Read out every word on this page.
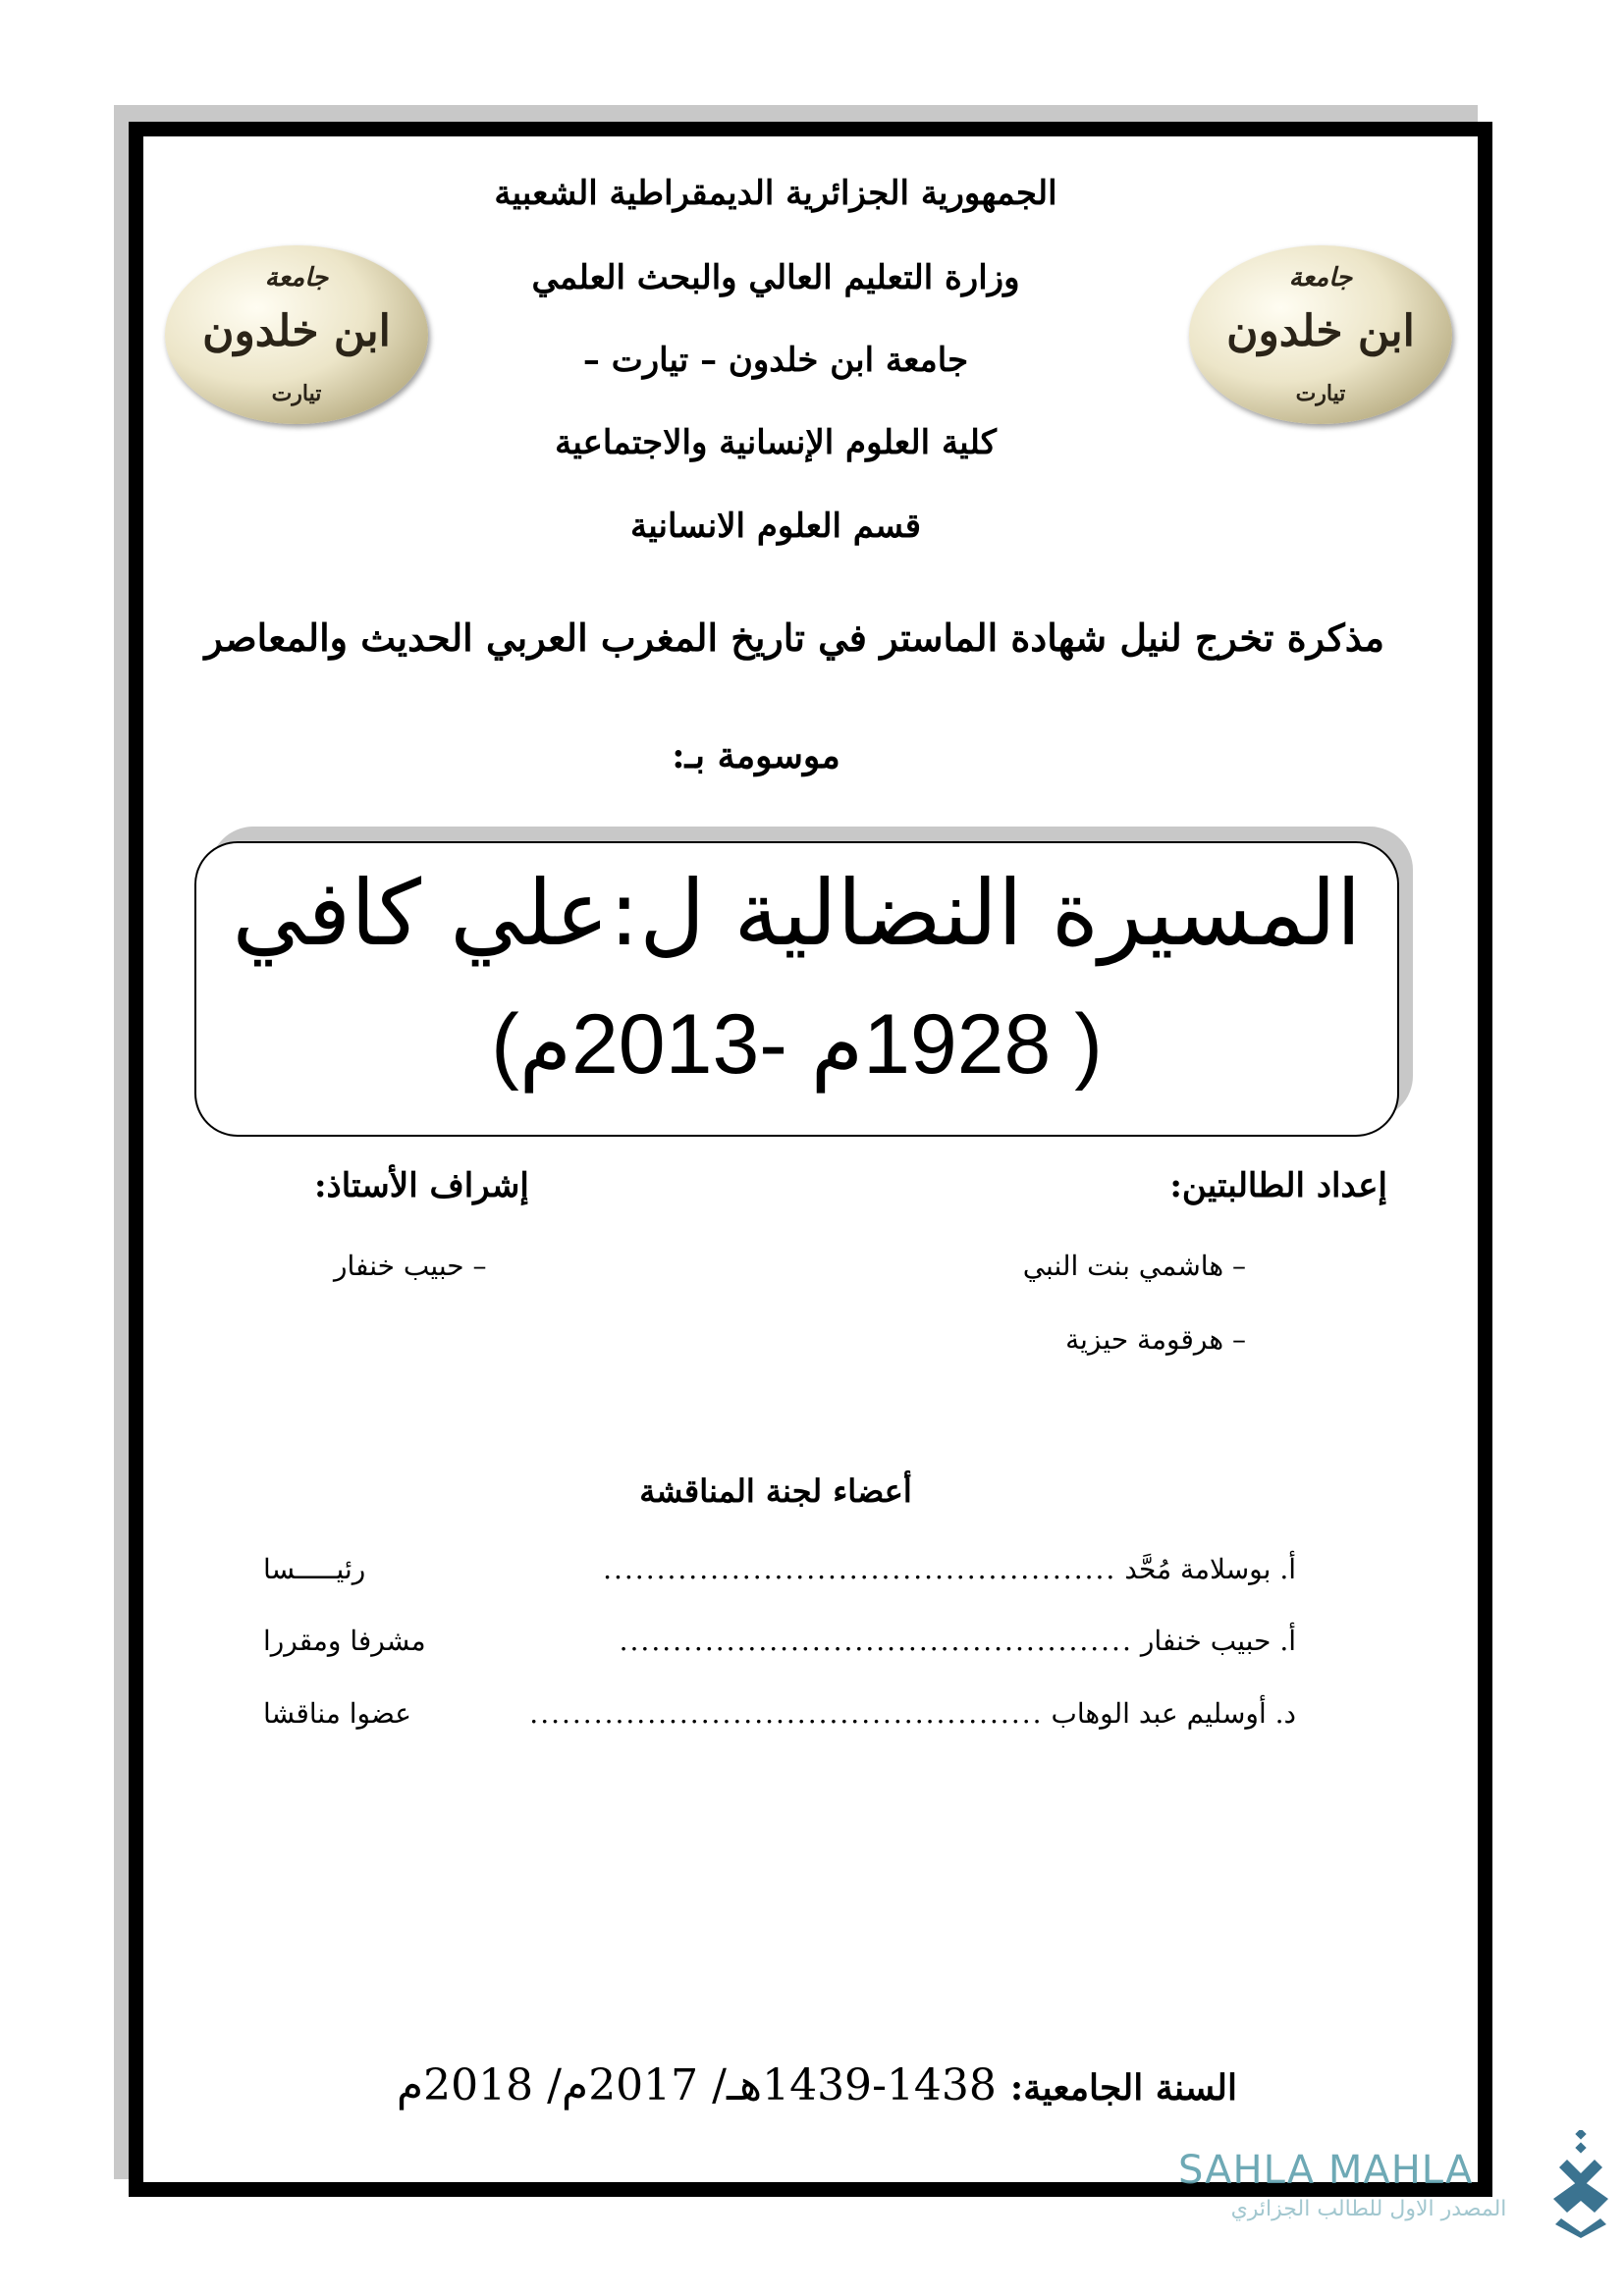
جامعة
ابن خلدون
تيارت
جامعة
ابن خلدون
تيارت
الجمهورية الجزائرية الديمقراطية الشعبية
وزارة التعليم العالي والبحث العلمي
جامعة ابن خلدون – تيارت –
كلية العلوم الإنسانية والاجتماعية
قسم العلوم الانسانية
مذكرة تخرج لنيل شهادة الماستر في تاريخ المغرب العربي الحديث والمعاصر
موسومة بـ:
المسيرة النضالية ل:علي كافي
( 1928م -2013م)
إعداد الطالبتين:
إشراف الأستاذ:
– هاشمي بنت النبي
– هرقومة حيزية
– حبيب خنفار
أعضاء لجنة المناقشة
أ. بوسلامة مُحَّد
................................................
رئيـــــسا
أ. حبيب خنفار
................................................
مشرفا ومقررا
د. أوسليم عبد الوهاب
................................................
عضوا مناقشا
السنة الجامعية: 1438-1439هـ/ 2017م/ 2018م
SAHLA MAHLA
المصدر الاول للطالب الجزائري
